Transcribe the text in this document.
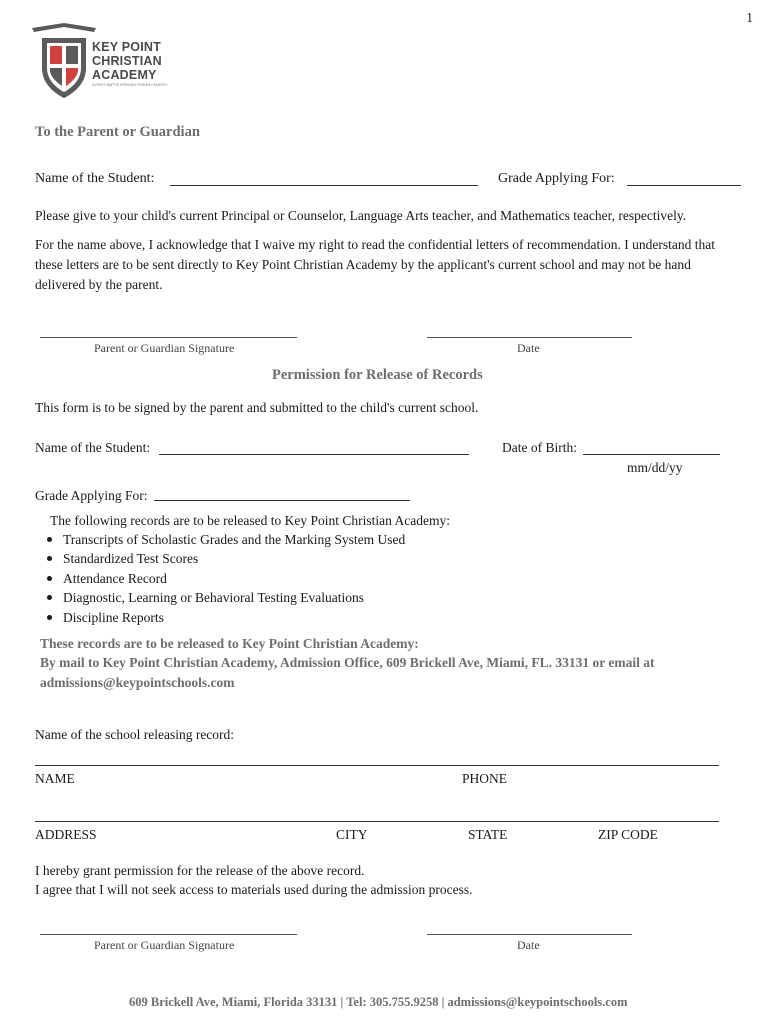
1
KEY POINT
CHRISTIAN
ACADEMY
A FIRST BAPTIST/PRESBYTERIAN CHURCH
To the Parent or Guardian
Name of the Student:	Grade Applying For:
Please give to your child's current Principal or Counselor, Language Arts teacher, and Mathematics teacher, respectively.
For the name above, I acknowledge that I waive my right to read the confidential letters of recommendation. I understand that
these letters are to be sent directly to Key Point Christian Academy by the applicant's current school and may not be hand
delivered by the parent.
Parent or Guardian Signature	Date
Permission for Release of Records
This form is to be signed by the parent and submitted to the child's current school.
Name of the Student:	Date of Birth:
mm/dd/yy
Grade Applying For:
The following records are to be released to Key Point Christian Academy:
Transcripts of Scholastic Grades and the Marking System Used
Standardized Test Scores
Attendance Record
Diagnostic, Learning or Behavioral Testing Evaluations
Discipline Reports
These records are to be released to Key Point Christian Academy:
By mail to Key Point Christian Academy, Admission Office, 609 Brickell Ave, Miami, FL. 33131 or email at
admissions@keypointschools.com
Name of the school releasing record:
NAME	PHONE
ADDRESS	CITY	STATE	ZIP CODE
I hereby grant permission for the release of the above record.
I agree that I will not seek access to materials used during the admission process.
Parent or Guardian Signature	Date
609 Brickell Ave, Miami, Florida 33131 | Tel: 305.755.9258 | admissions@keypointschools.com
